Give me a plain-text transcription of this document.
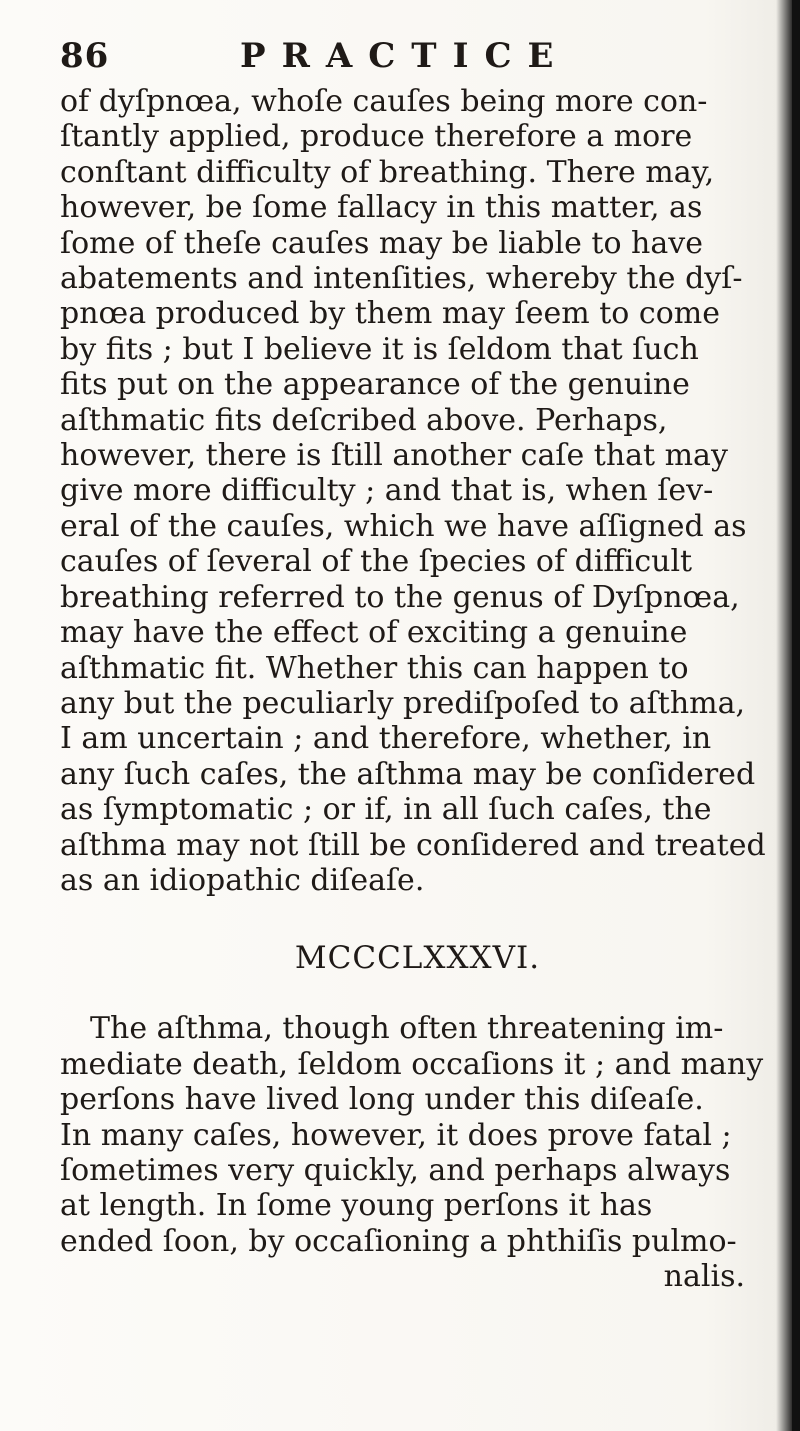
86	PRACTICE
of dyſpnœa, whoſe cauſes being more con-
ſtantly applied, produce therefore a more
conſtant difficulty of breathing. There may,
however, be ſome fallacy in this matter, as
ſome of theſe cauſes may be liable to have
abatements and intenſities, whereby the dyſ-
pnœa produced by them may ſeem to come
by fits ; but I believe it is ſeldom that ſuch
fits put on the appearance of the genuine
aſthmatic fits deſcribed above. Perhaps,
however, there is ſtill another caſe that may
give more difficulty ; and that is, when ſev-
eral of the cauſes, which we have aſſigned as
cauſes of ſeveral of the ſpecies of difficult
breathing referred to the genus of Dyſpnœa,
may have the effect of exciting a genuine
aſthmatic fit. Whether this can happen to
any but the peculiarly prediſpoſed to aſthma,
I am uncertain ; and therefore, whether, in
any ſuch caſes, the aſthma may be conſidered
as ſymptomatic ; or if, in all ſuch caſes, the
aſthma may not ſtill be conſidered and treated
as an idiopathic diſeaſe.
MCCCLXXXVI.
The aſthma, though often threatening im-
mediate death, ſeldom occaſions it ; and many
perſons have lived long under this diſeaſe.
In many caſes, however, it does prove fatal ;
ſometimes very quickly, and perhaps always
at length. In ſome young perſons it has
ended ſoon, by occaſioning a phthiſis pulmo-
nalis.
